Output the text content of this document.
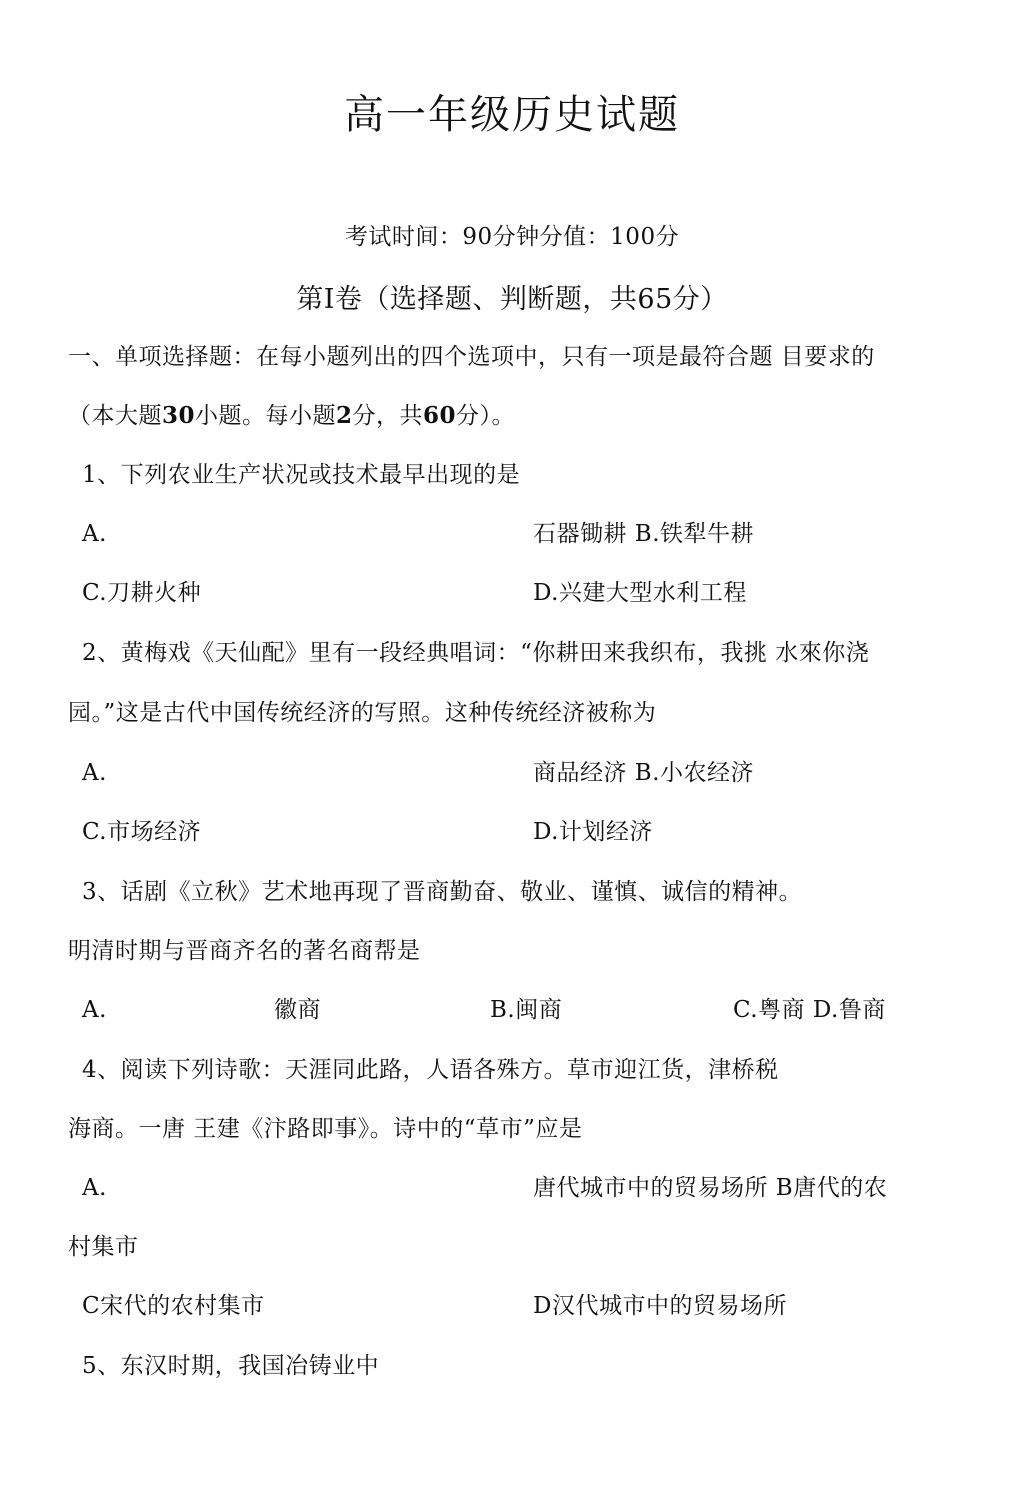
高一年级历史试题
考试时间：90分钟分值：100分
第I卷（选择题、判断题，共65分）
一、单项选择题：在每小题列出的四个选项中，只有一项是最符合题 目要求的
（本大题30小题。每小题2分，共60分）。
1、下列农业生产状况或技术最早出现的是
A.	石器锄耕 B.铁犁牛耕
C.刀耕火种	D.兴建大型水利工程
2、黄梅戏《天仙配》里有一段经典唱词：“你耕田来我织布，我挑 水來你浇
园。”这是古代中国传统经济的写照。这种传统经济被称为
A.	商品经济 B.小农经济
C.市场经济	D.计划经济
3、话剧《立秋》艺术地再现了晋商勤奋、敬业、谨慎、诚信的精神。
明清时期与晋商齐名的著名商帮是
A.	徽商	B.闽商	C.粤商 D.鲁商
4、阅读下列诗歌：天涯同此路，人语各殊方。草市迎江货，津桥税
海商。一唐 王建《汴路即事》。诗中的“草市”应是
A.	唐代城市中的贸易场所 B唐代的农
村集市
C宋代的农村集市	D汉代城市中的贸易场所
5、东汉时期，我国冶铸业中
